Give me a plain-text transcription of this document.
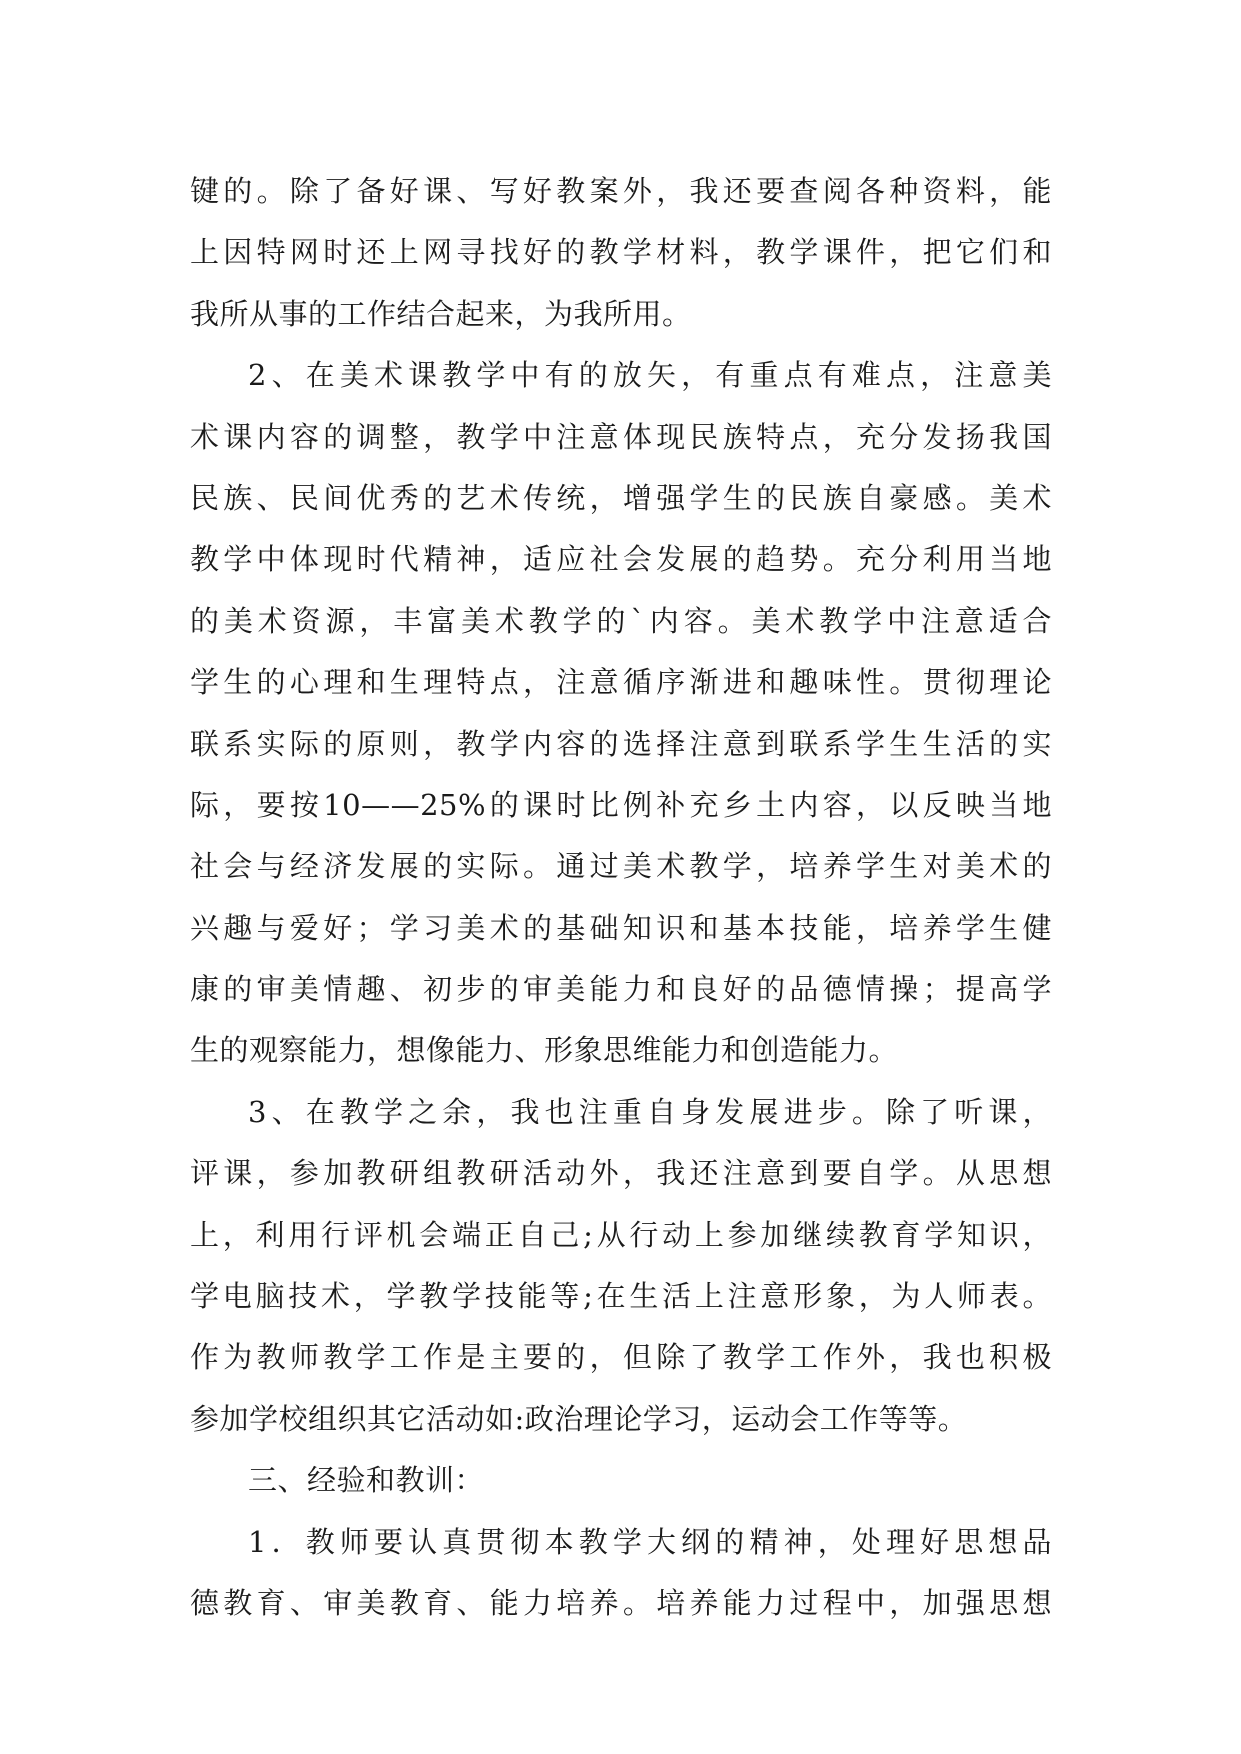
键的。除了备好课、写好教案外，我还要查阅各种资料，能
上因特网时还上网寻找好的教学材料，教学课件，把它们和
我所从事的工作结合起来，为我所用。
2、在美术课教学中有的放矢，有重点有难点，注意美
术课内容的调整，教学中注意体现民族特点，充分发扬我国
民族、民间优秀的艺术传统，增强学生的民族自豪感。美术
教学中体现时代精神，适应社会发展的趋势。充分利用当地
的美术资源，丰富美术教学的`内容。美术教学中注意适合
学生的心理和生理特点，注意循序渐进和趣味性。贯彻理论
联系实际的原则，教学内容的选择注意到联系学生生活的实
际，要按10——25%的课时比例补充乡土内容，以反映当地
社会与经济发展的实际。通过美术教学，培养学生对美术的
兴趣与爱好；学习美术的基础知识和基本技能，培养学生健
康的审美情趣、初步的审美能力和良好的品德情操；提高学
生的观察能力，想像能力、形象思维能力和创造能力。
3、在教学之余，我也注重自身发展进步。除了听课，
评课，参加教研组教研活动外，我还注意到要自学。从思想
上，利用行评机会端正自己;从行动上参加继续教育学知识，
学电脑技术，学教学技能等;在生活上注意形象，为人师表。
作为教师教学工作是主要的，但除了教学工作外，我也积极
参加学校组织其它活动如:政治理论学习，运动会工作等等。
三、经验和教训：
1．教师要认真贯彻本教学大纲的精神，处理好思想品
德教育、审美教育、能力培养。培养能力过程中，加强思想
